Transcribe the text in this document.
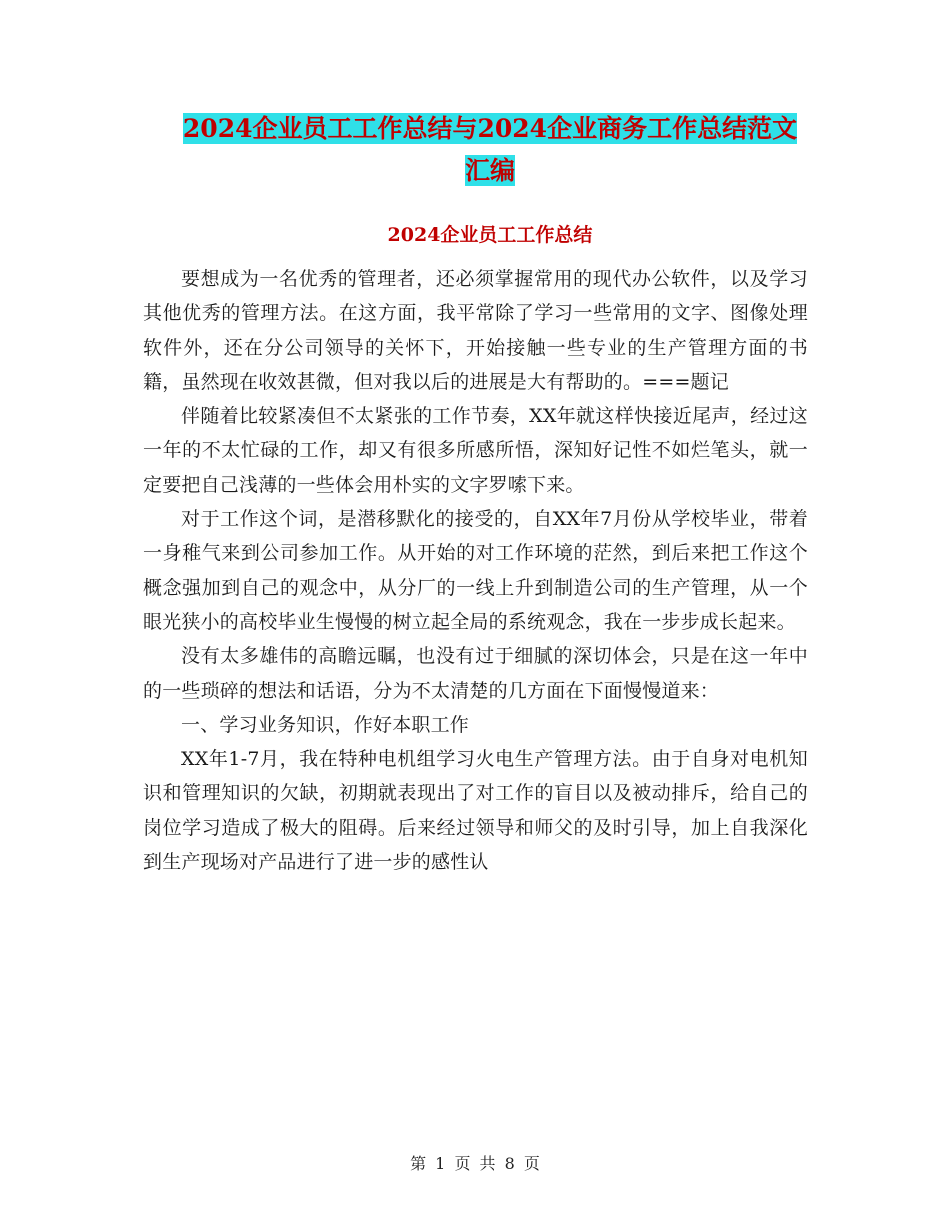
2024企业员工工作总结与2024企业商务工作总结范文
汇编
2024企业员工工作总结

要想成为一名优秀的管理者，还必须掌握常用的现代办公软件，以及学习其他优秀的管理方法。在这方面，我平常除了学习一些常用的文字、图像处理软件外，还在分公司领导的关怀下，开始接触一些专业的生产管理方面的书籍，虽然现在收效甚微，但对我以后的进展是大有帮助的。===题记

伴随着比较紧凑但不太紧张的工作节奏，XX年就这样快接近尾声，经过这一年的不太忙碌的工作，却又有很多所感所悟，深知好记性不如烂笔头，就一定要把自己浅薄的一些体会用朴实的文字罗嗦下来。

对于工作这个词，是潜移默化的接受的，自XX年7月份从学校毕业，带着一身稚气来到公司参加工作。从开始的对工作环境的茫然，到后来把工作这个概念强加到自己的观念中，从分厂的一线上升到制造公司的生产管理，从一个眼光狭小的高校毕业生慢慢的树立起全局的系统观念，我在一步步成长起来。

没有太多雄伟的高瞻远瞩，也没有过于细腻的深切体会，只是在这一年中的一些琐碎的想法和话语，分为不太清楚的几方面在下面慢慢道来：

一、学习业务知识，作好本职工作

XX年1-7月，我在特种电机组学习火电生产管理方法。由于自身对电机知识和管理知识的欠缺，初期就表现出了对工作的盲目以及被动排斥，给自己的岗位学习造成了极大的阻碍。后来经过领导和师父的及时引导，加上自我深化到生产现场对产品进行了进一步的感性认

第 1 页 共 8 页
